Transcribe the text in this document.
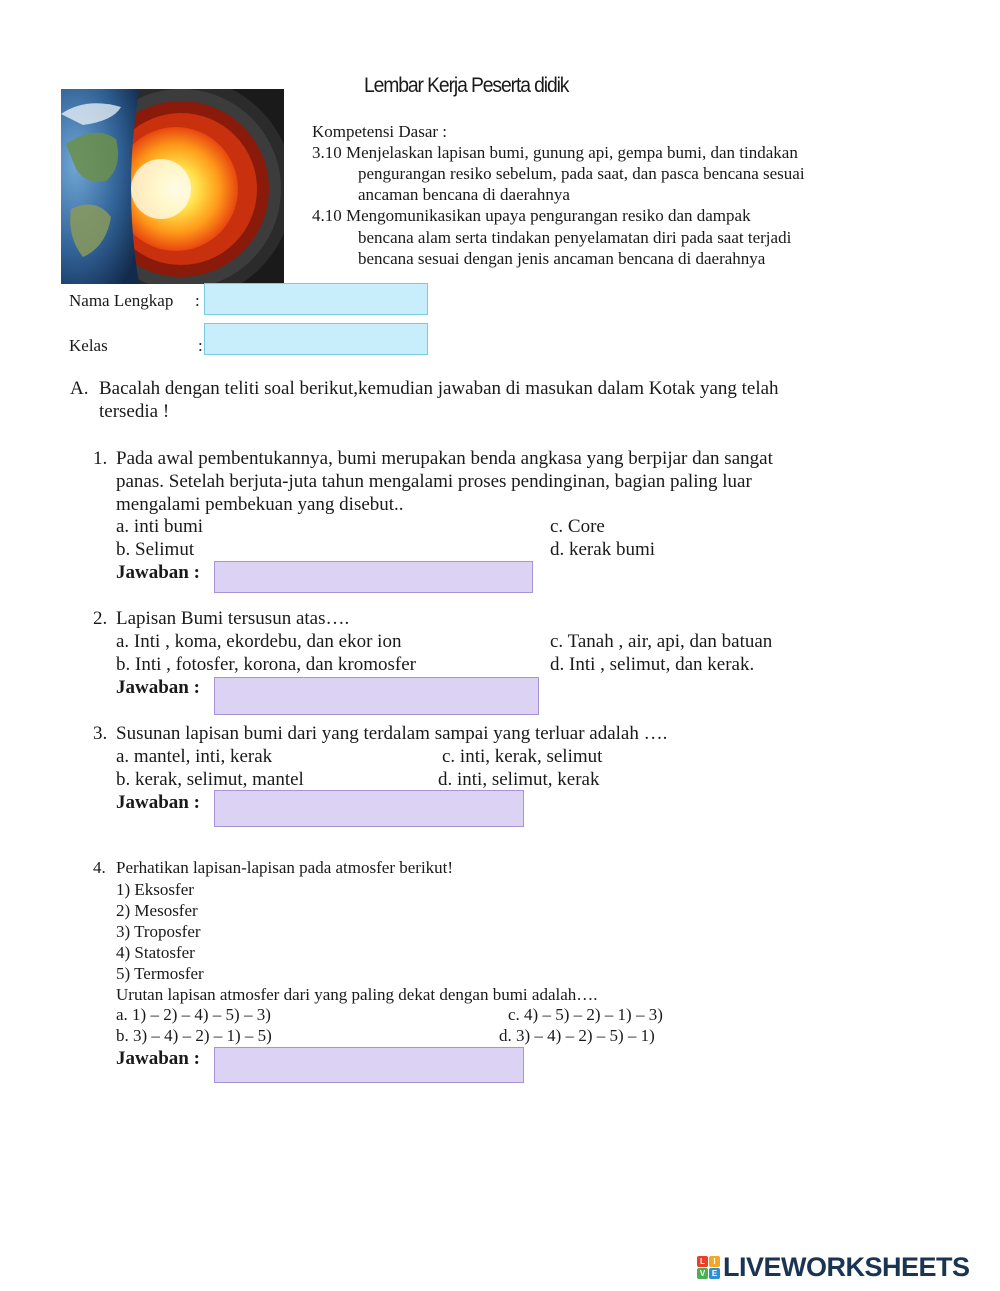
Lembar Kerja Peserta didik
Kompetensi Dasar :
3.10 Menjelaskan lapisan bumi, gunung api, gempa bumi, dan tindakan
pengurangan resiko sebelum, pada saat, dan pasca bencana sesuai
ancaman bencana di daerahnya
4.10 Mengomunikasikan upaya pengurangan resiko dan dampak
bencana alam serta tindakan penyelamatan diri pada saat terjadi
bencana sesuai dengan jenis ancaman bencana di daerahnya
Nama Lengkap :
Kelas	:
A. Bacalah dengan teliti soal berikut,kemudian jawaban di masukan dalam Kotak yang telah
tersedia !
1. Pada awal pembentukannya, bumi merupakan benda angkasa yang berpijar dan sangat
panas. Setelah berjuta-juta tahun mengalami proses pendinginan, bagian paling luar
mengalami pembekuan yang disebut..
a. inti bumi
b. Selimut
c. Core
d. kerak bumi
Jawaban :
2. Lapisan Bumi tersusun atas….
a. Inti , koma, ekordebu, dan ekor ion
b. Inti , fotosfer, korona, dan kromosfer
c. Tanah , air, api, dan batuan
d. Inti , selimut, dan kerak.
Jawaban :
3. Susunan lapisan bumi dari yang terdalam sampai yang terluar adalah ….
a. mantel, inti, kerak
b. kerak, selimut, mantel
c. inti, kerak, selimut
d. inti, selimut, kerak
Jawaban :
4. Perhatikan lapisan-lapisan pada atmosfer berikut!
1) Eksosfer
2) Mesosfer
3) Troposfer
4) Statosfer
5) Termosfer
Urutan lapisan atmosfer dari yang paling dekat dengan bumi adalah….
a. 1) – 2) – 4) – 5) – 3)
b. 3) – 4) – 2) – 1) – 5)
c. 4) – 5) – 2) – 1) – 3)
d. 3) – 4) – 2) – 5) – 1)
Jawaban :
L	I
V E LIVEWORKSHEETS
